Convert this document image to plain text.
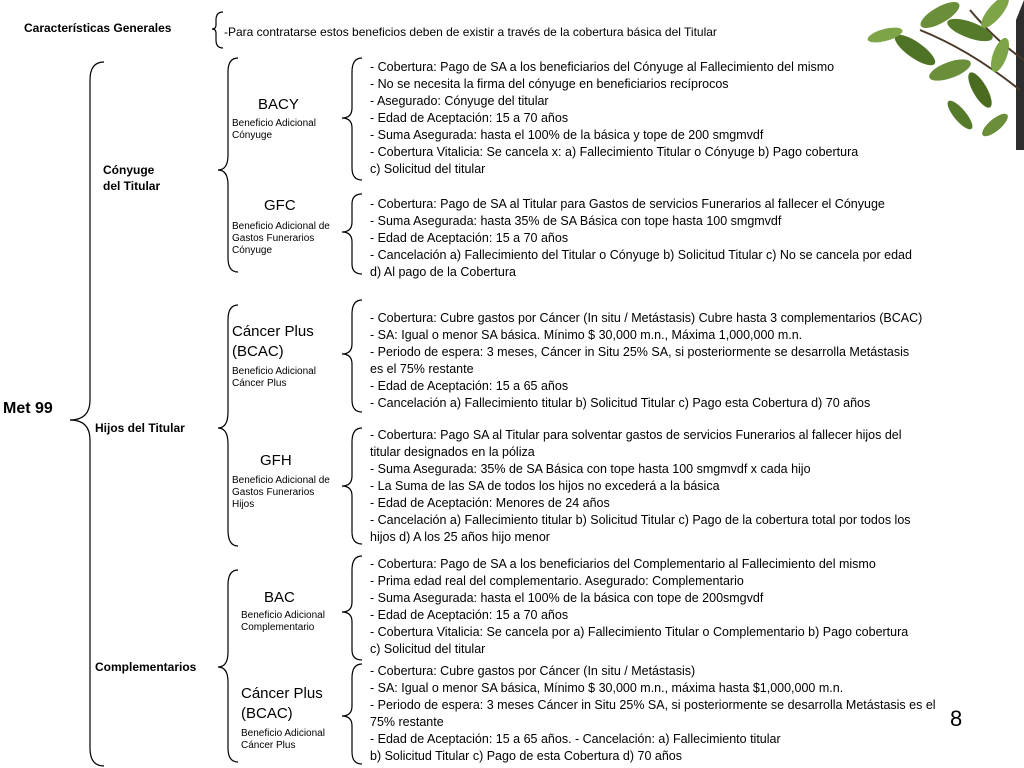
Características Generales	-Para contratarse estos beneficios deben de existir a través de la cobertura básica del Titular
Met 99
Cónyuge
del Titular
Hijos del Titular
Complementarios
BACY
Beneficio Adicional
Cónyuge
- Cobertura: Pago de SA a los beneficiarios del Cónyuge al Fallecimiento del mismo
- No se necesita la firma del cónyuge en beneficiarios recíprocos
- Asegurado: Cónyuge del titular
- Edad de Aceptación: 15 a 70 años
- Suma Asegurada: hasta el 100% de la básica y tope de 200 smgmvdf
- Cobertura Vitalicia: Se cancela x: a) Fallecimiento Titular o Cónyuge b) Pago cobertura
c) Solicitud del titular
GFC
Beneficio Adicional de
Gastos Funerarios
Cónyuge
- Cobertura: Pago de SA al Titular para Gastos de servicios Funerarios al fallecer el Cónyuge
- Suma Asegurada: hasta 35% de SA Básica con tope hasta 100 smgmvdf
- Edad de Aceptación: 15 a 70 años
- Cancelación a) Fallecimiento del Titular o Cónyuge b) Solicitud Titular c) No se cancela por edad
d) Al pago de la Cobertura
Cáncer Plus
(BCAC)
Beneficio Adicional
Cáncer Plus
- Cobertura: Cubre gastos por Cáncer (In situ / Metástasis) Cubre hasta 3 complementarios (BCAC)
- SA: Igual o menor SA básica. Mínimo $ 30,000 m.n., Máxima 1,000,000 m.n.
- Periodo de espera: 3 meses, Cáncer in Situ 25% SA, si posteriormente se desarrolla Metástasis
es el 75% restante
- Edad de Aceptación: 15 a 65 años
- Cancelación a) Fallecimiento titular b) Solicitud Titular c) Pago esta Cobertura d) 70 años
GFH
Beneficio Adicional de
Gastos Funerarios
Hijos
- Cobertura: Pago SA al Titular para solventar gastos de servicios Funerarios al fallecer hijos del
titular designados en la póliza
- Suma Asegurada: 35% de SA Básica con tope hasta 100 smgmvdf x cada hijo
- La Suma de las SA de todos los hijos no excederá a la básica
- Edad de Aceptación: Menores de 24 años
- Cancelación a) Fallecimiento titular b) Solicitud Titular c) Pago de la cobertura total por todos los
hijos d) A los 25 años hijo menor
BAC
Beneficio Adicional
Complementario
- Cobertura: Pago de SA a los beneficiarios del Complementario al Fallecimiento del mismo
- Prima edad real del complementario. Asegurado: Complementario
- Suma Asegurada: hasta el 100% de la básica con tope de 200smgvdf
- Edad de Aceptación: 15 a 70 años
- Cobertura Vitalicia: Se cancela por a) Fallecimiento Titular o Complementario b) Pago cobertura
c) Solicitud del titular
Cáncer Plus
(BCAC)
Beneficio Adicional
Cáncer Plus
- Cobertura: Cubre gastos por Cáncer (In situ / Metástasis)
- SA: Igual o menor SA básica, Mínimo $ 30,000 m.n., máxima hasta $1,000,000 m.n.
- Periodo de espera: 3 meses Cáncer in Situ 25% SA, si posteriormente se desarrolla Metástasis es el
75% restante
- Edad de Aceptación: 15 a 65 años. - Cancelación: a) Fallecimiento titular
b) Solicitud Titular c) Pago de esta Cobertura d) 70 años
8
